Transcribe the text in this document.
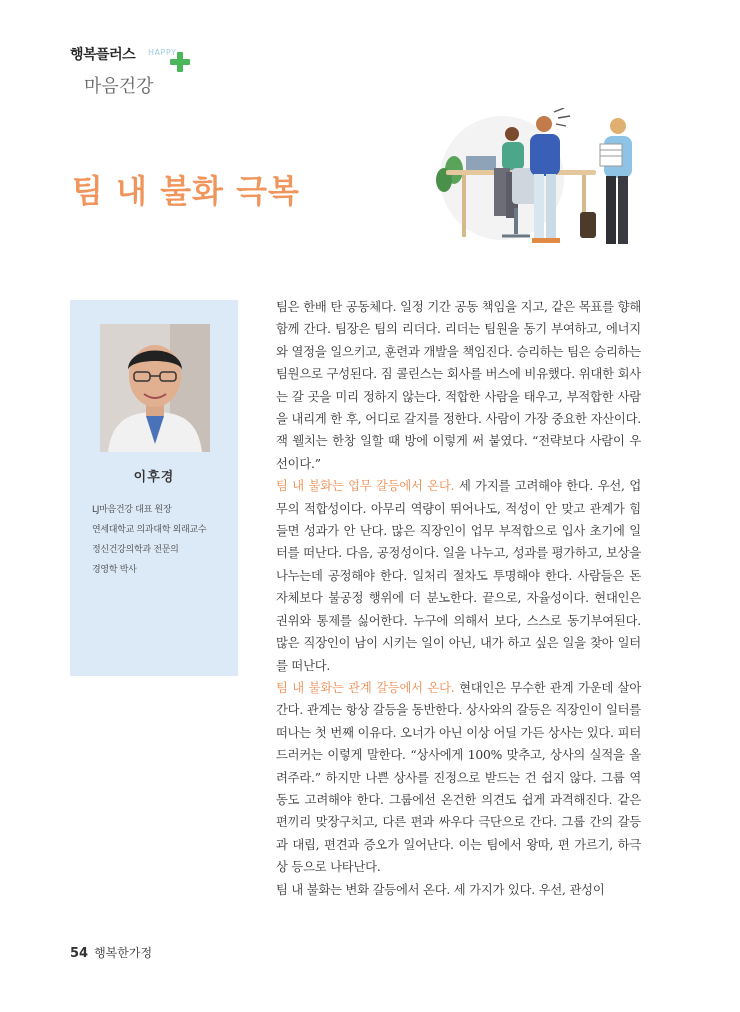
행복플러스 HAPPY
마음건강
팀 내 불화 극복
이후경
LJ마음건강 대표 원장
연세대학교 의과대학 외래교수
정신건강의학과 전문의
경영학 박사

팀은 한배 탄 공동체다. 일정 기간 공동 책임을 지고, 같은 목표를 향해 함께 간다. 팀장은 팀의 리더다. 리더는 팀원을 동기 부여하고, 에너지와 열정을 일으키고, 훈련과 개발을 책임진다. 승리하는 팀은 승리하는 팀원으로 구성된다. 짐 콜린스는 회사를 버스에 비유했다. 위대한 회사는 갈 곳을 미리 정하지 않는다. 적합한 사람을 태우고, 부적합한 사람을 내리게 한 후, 어디로 갈지를 정한다. 사람이 가장 중요한 자산이다. 잭 웰치는 한창 일할 때 방에 이렇게 써 붙였다. “전략보다 사람이 우선이다.”

팀 내 불화는 업무 갈등에서 온다. 세 가지를 고려해야 한다. 우선, 업무의 적합성이다. 아무리 역량이 뛰어나도, 적성이 안 맞고 관계가 힘들면 성과가 안 난다. 많은 직장인이 업무 부적합으로 입사 초기에 일터를 떠난다. 다음, 공정성이다. 일을 나누고, 성과를 평가하고, 보상을 나누는데 공정해야 한다. 일처리 절차도 투명해야 한다. 사람들은 돈 자체보다 불공정 행위에 더 분노한다. 끝으로, 자율성이다. 현대인은 권위와 통제를 싫어한다. 누구에 의해서 보다, 스스로 동기부여된다. 많은 직장인이 남이 시키는 일이 아닌, 내가 하고 싶은 일을 찾아 일터를 떠난다.

팀 내 불화는 관계 갈등에서 온다. 현대인은 무수한 관계 가운데 살아간다. 관계는 항상 갈등을 동반한다. 상사와의 갈등은 직장인이 일터를 떠나는 첫 번째 이유다. 오너가 아닌 이상 어딜 가든 상사는 있다. 피터 드러커는 이렇게 말한다. “상사에게 100% 맞추고, 상사의 실적을 올려주라.” 하지만 나쁜 상사를 진정으로 받드는 건 쉽지 않다. 그룹 역동도 고려해야 한다. 그룹에선 온건한 의견도 쉽게 과격해진다. 같은 편끼리 맞장구치고, 다른 편과 싸우다 극단으로 간다. 그룹 간의 갈등과 대립, 편견과 증오가 일어난다. 이는 팀에서 왕따, 편 가르기, 하극상 등으로 나타난다.

팀 내 불화는 변화 갈등에서 온다. 세 가지가 있다. 우선, 관성이

54 행복한가정
